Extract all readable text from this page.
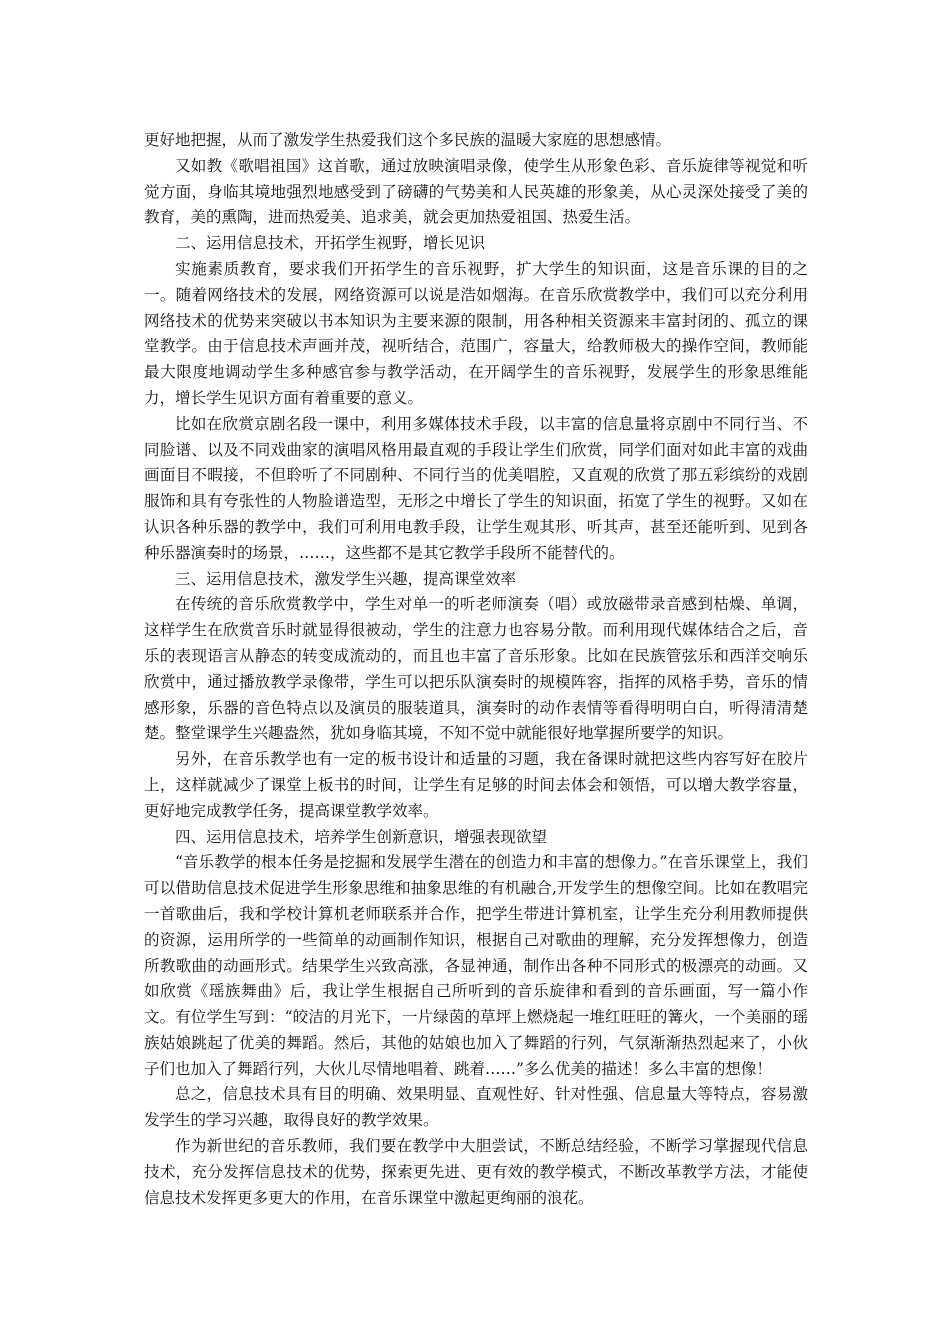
更好地把握，从而了激发学生热爱我们这个多民族的温暖大家庭的思想感情。

又如教《歌唱祖国》这首歌，通过放映演唱录像，使学生从形象色彩、音乐旋律等视觉和听觉方面，身临其境地强烈地感受到了磅礴的气势美和人民英雄的形象美，从心灵深处接受了美的教育，美的熏陶，进而热爱美、追求美，就会更加热爱祖国、热爱生活。

二、运用信息技术，开拓学生视野，增长见识

实施素质教育，要求我们开拓学生的音乐视野，扩大学生的知识面，这是音乐课的目的之一。随着网络技术的发展，网络资源可以说是浩如烟海。在音乐欣赏教学中，我们可以充分利用网络技术的优势来突破以书本知识为主要来源的限制，用各种相关资源来丰富封闭的、孤立的课堂教学。由于信息技术声画并茂，视听结合，范围广，容量大，给教师极大的操作空间，教师能最大限度地调动学生多种感官参与教学活动，在开阔学生的音乐视野，发展学生的形象思维能力，增长学生见识方面有着重要的意义。

比如在欣赏京剧名段一课中，利用多媒体技术手段，以丰富的信息量将京剧中不同行当、不同脸谱、以及不同戏曲家的演唱风格用最直观的手段让学生们欣赏，同学们面对如此丰富的戏曲画面目不暇接，不但聆听了不同剧种、不同行当的优美唱腔，又直观的欣赏了那五彩缤纷的戏剧服饰和具有夸张性的人物脸谱造型，无形之中增长了学生的知识面，拓宽了学生的视野。又如在认识各种乐器的教学中，我们可利用电教手段，让学生观其形、听其声，甚至还能听到、见到各种乐器演奏时的场景，……，这些都不是其它教学手段所不能替代的。

三、运用信息技术，激发学生兴趣，提高课堂效率

在传统的音乐欣赏教学中，学生对单一的听老师演奏（唱）或放磁带录音感到枯燥、单调，这样学生在欣赏音乐时就显得很被动，学生的注意力也容易分散。而利用现代媒体结合之后，音乐的表现语言从静态的转变成流动的，而且也丰富了音乐形象。比如在民族管弦乐和西洋交响乐欣赏中，通过播放教学录像带，学生可以把乐队演奏时的规模阵容，指挥的风格手势，音乐的情感形象，乐器的音色特点以及演员的服装道具，演奏时的动作表情等看得明明白白，听得清清楚楚。整堂课学生兴趣盎然，犹如身临其境，不知不觉中就能很好地掌握所要学的知识。

另外，在音乐教学也有一定的板书设计和适量的习题，我在备课时就把这些内容写好在胶片上，这样就减少了课堂上板书的时间，让学生有足够的时间去体会和领悟，可以增大教学容量，更好地完成教学任务，提高课堂教学效率。

四、运用信息技术，培养学生创新意识，增强表现欲望

“音乐教学的根本任务是挖掘和发展学生潜在的创造力和丰富的想像力。”在音乐课堂上，我们可以借助信息技术促进学生形象思维和抽象思维的有机融合,开发学生的想像空间。比如在教唱完一首歌曲后，我和学校计算机老师联系并合作，把学生带进计算机室，让学生充分利用教师提供的资源，运用所学的一些简单的动画制作知识，根据自己对歌曲的理解，充分发挥想像力，创造所教歌曲的动画形式。结果学生兴致高涨，各显神通，制作出各种不同形式的极漂亮的动画。又如欣赏《瑶族舞曲》后，我让学生根据自己所听到的音乐旋律和看到的音乐画面，写一篇小作文。有位学生写到：“皎洁的月光下，一片绿茵的草坪上燃烧起一堆红旺旺的篝火，一个美丽的瑶族姑娘跳起了优美的舞蹈。然后，其他的姑娘也加入了舞蹈的行列，气氛渐渐热烈起来了，小伙子们也加入了舞蹈行列，大伙儿尽情地唱着、跳着……”多么优美的描述！多么丰富的想像！

总之，信息技术具有目的明确、效果明显、直观性好、针对性强、信息量大等特点，容易激发学生的学习兴趣，取得良好的教学效果。

作为新世纪的音乐教师，我们要在教学中大胆尝试，不断总结经验，不断学习掌握现代信息技术，充分发挥信息技术的优势，探索更先进、更有效的教学模式，不断改革教学方法，才能使信息技术发挥更多更大的作用，在音乐课堂中激起更绚丽的浪花。
